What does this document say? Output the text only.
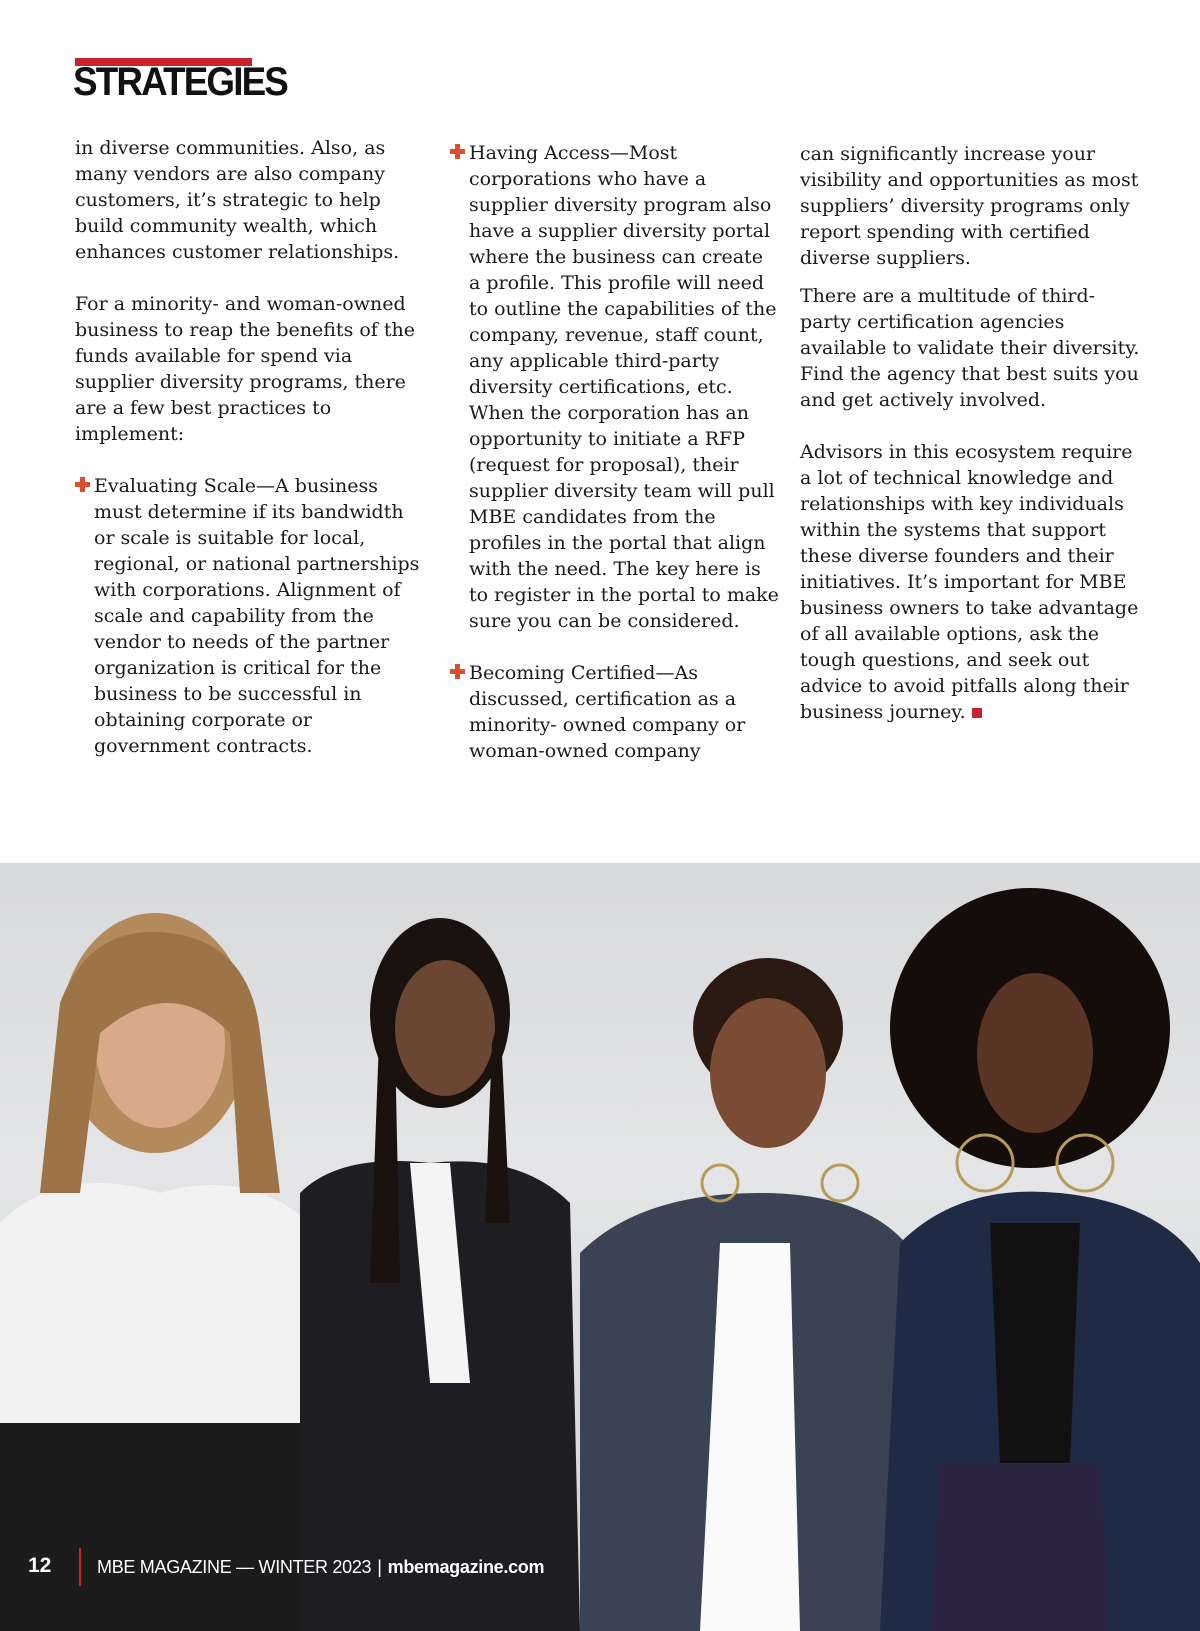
STRATEGIES

in diverse communities. Also, as many vendors are also company customers, it’s strategic to help build community wealth, which enhances customer relationships.

For a minority- and woman-owned business to reap the benefits of the funds available for spend via supplier diversity programs, there are a few best practices to implement:

Evaluating Scale—A business must determine if its bandwidth or scale is suitable for local, regional, or national partnerships with corporations. Alignment of scale and capability from the vendor to needs of the partner organization is critical for the business to be successful in obtaining corporate or government contracts.

Having Access—Most corporations who have a supplier diversity program also have a supplier diversity portal where the business can create a profile. This profile will need to outline the capabilities of the company, revenue, staff count, any applicable third-party diversity certifications, etc. When the corporation has an opportunity to initiate a RFP (request for proposal), their supplier diversity team will pull MBE candidates from the profiles in the portal that align with the need. The key here is to register in the portal to make sure you can be considered.

Becoming Certified—As discussed, certification as a minority- owned company or woman-owned company

can significantly increase your visibility and opportunities as most suppliers’ diversity programs only report spending with certified diverse suppliers.

There are a multitude of third-party certification agencies available to validate their diversity. Find the agency that best suits you and get actively involved.

Advisors in this ecosystem require a lot of technical knowledge and relationships with key individuals within the systems that support these diverse founders and their initiatives. It’s important for MBE business owners to take advantage of all available options, ask the tough questions, and seek out advice to avoid pitfalls along their business journey.

12	MBE MAGAZINE — WINTER 2023 | mbemagazine.com
